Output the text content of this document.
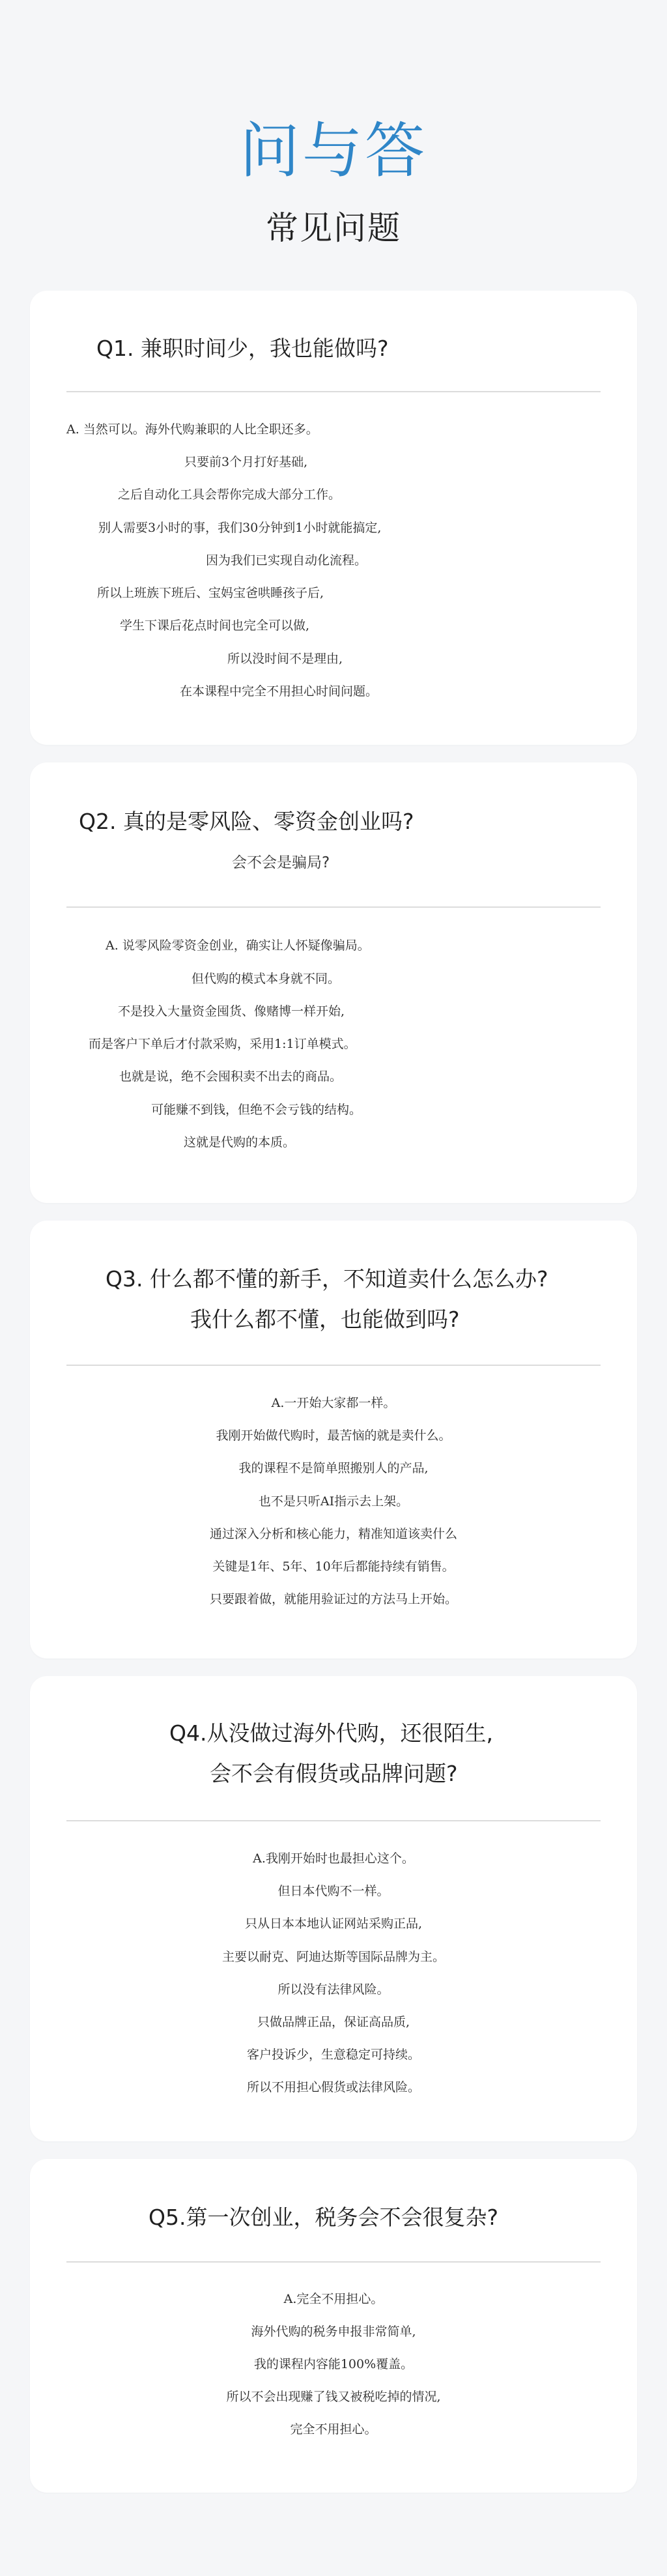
问与答
常见问题
Q1. 兼职时间少，我也能做吗?
A. 当然可以。海外代购兼职的人比全职还多。
只要前3个月打好基础,
之后自动化工具会帮你完成大部分工作。
别人需要3小时的事，我们30分钟到1小时就能搞定,
因为我们已实现自动化流程。
所以上班族下班后、宝妈宝爸哄睡孩子后,
学生下课后花点时间也完全可以做,
所以没时间不是理由,
在本课程中完全不用担心时间问题。
Q2. 真的是零风险、零资金创业吗?
会不会是骗局?
A. 说零风险零资金创业，确实让人怀疑像骗局。
但代购的模式本身就不同。
不是投入大量资金囤货、像赌博一样开始,
而是客户下单后才付款采购，采用1:1订单模式。
也就是说，绝不会囤积卖不出去的商品。
可能赚不到钱，但绝不会亏钱的结构。
这就是代购的本质。
Q3. 什么都不懂的新手，不知道卖什么怎么办?
我什么都不懂，也能做到吗?
A.一开始大家都一样。
我刚开始做代购时，最苦恼的就是卖什么。
我的课程不是简单照搬别人的产品,
也不是只听AI指示去上架。
通过深入分析和核心能力，精准知道该卖什么
关键是1年、5年、10年后都能持续有销售。
只要跟着做，就能用验证过的方法马上开始。
Q4.从没做过海外代购，还很陌生,
会不会有假货或品牌问题?
A.我刚开始时也最担心这个。
但日本代购不一样。
只从日本本地认证网站采购正品,
主要以耐克、阿迪达斯等国际品牌为主。
所以没有法律风险。
只做品牌正品，保证高品质,
客户投诉少，生意稳定可持续。
所以不用担心假货或法律风险。
Q5.第一次创业，税务会不会很复杂?
A.完全不用担心。
海外代购的税务申报非常简单,
我的课程内容能100%覆盖。
所以不会出现赚了钱又被税吃掉的情况,
完全不用担心。
